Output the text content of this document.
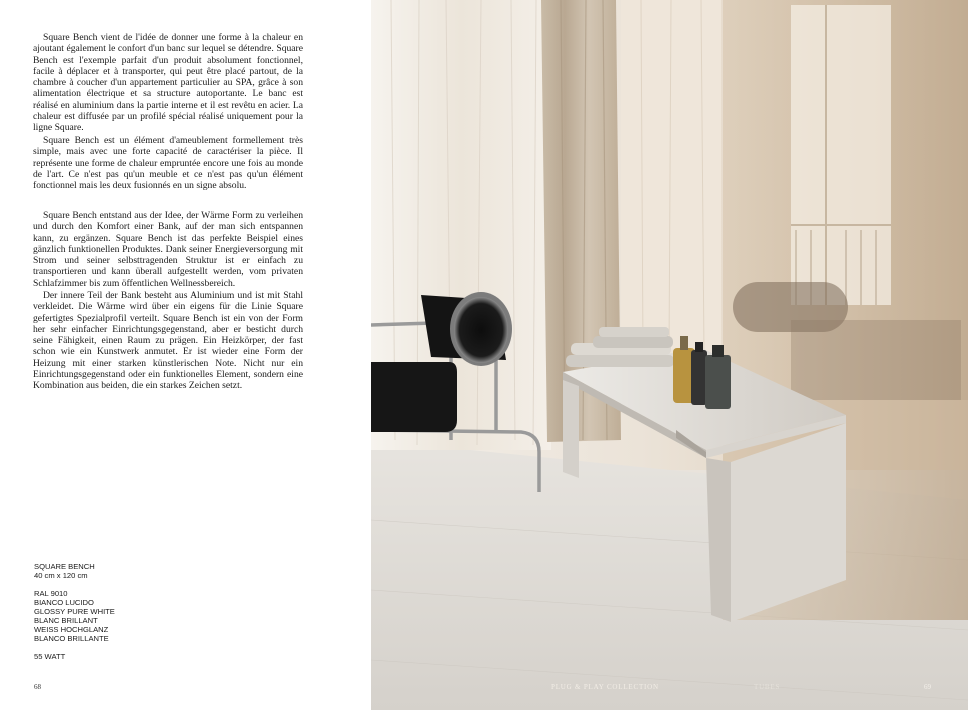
Square Bench vient de l'idée de donner une forme à la chaleur en ajoutant également le confort d'un banc sur lequel se détendre. Square Bench est l'exemple parfait d'un produit absolument fonctionnel, facile à déplacer et à transporter, qui peut être placé partout, de la chambre à coucher d'un appartement particulier au SPA, grâce à son alimentation électrique et sa structure autoportante. Le banc est réalisé en aluminium dans la partie interne et il est revêtu en acier. La chaleur est diffusée par un profilé spécial réalisé uniquement pour la ligne Square.

Square Bench est un élément d'ameublement formellement très simple, mais avec une forte capacité de caractériser la pièce. Il représente une forme de chaleur empruntée encore une fois au monde de l'art. Ce n'est pas qu'un meuble et ce n'est pas qu'un élément fonctionnel mais les deux fusionnés en un signe absolu.

Square Bench entstand aus der Idee, der Wärme Form zu verleihen und durch den Komfort einer Bank, auf der man sich entspannen kann, zu ergänzen. Square Bench ist das perfekte Beispiel eines gänzlich funktionellen Produktes. Dank seiner Energieversorgung mit Strom und seiner selbsttragenden Struktur ist er einfach zu transportieren und kann überall aufgestellt werden, vom privaten Schlafzimmer bis zum öffentlichen Wellnessbereich.

Der innere Teil der Bank besteht aus Aluminium und ist mit Stahl verkleidet. Die Wärme wird über ein eigens für die Linie Square gefertigtes Spezialprofil verteilt. Square Bench ist ein von der Form her sehr einfacher Einrichtungsgegenstand, aber er besticht durch seine Fähigkeit, einen Raum zu prägen. Ein Heizkörper, der fast schon wie ein Kunstwerk anmutet. Er ist wieder eine Form der Heizung mit einer starken künstlerischen Note. Nicht nur ein Einrichtungsgegenstand oder ein funktionelles Element, sondern eine Kombination aus beiden, die ein starkes Zeichen setzt.

SQUARE BENCH
40 cm x 120 cm
RAL 9010
BIANCO LUCIDO
GLOSSY PURE WHITE
BLANC BRILLANT
WEISS HOCHGLANZ
BLANCO BRILLANTE
55 WATT
68	TUBES
PLUG & PLAY COLLECTION	69
